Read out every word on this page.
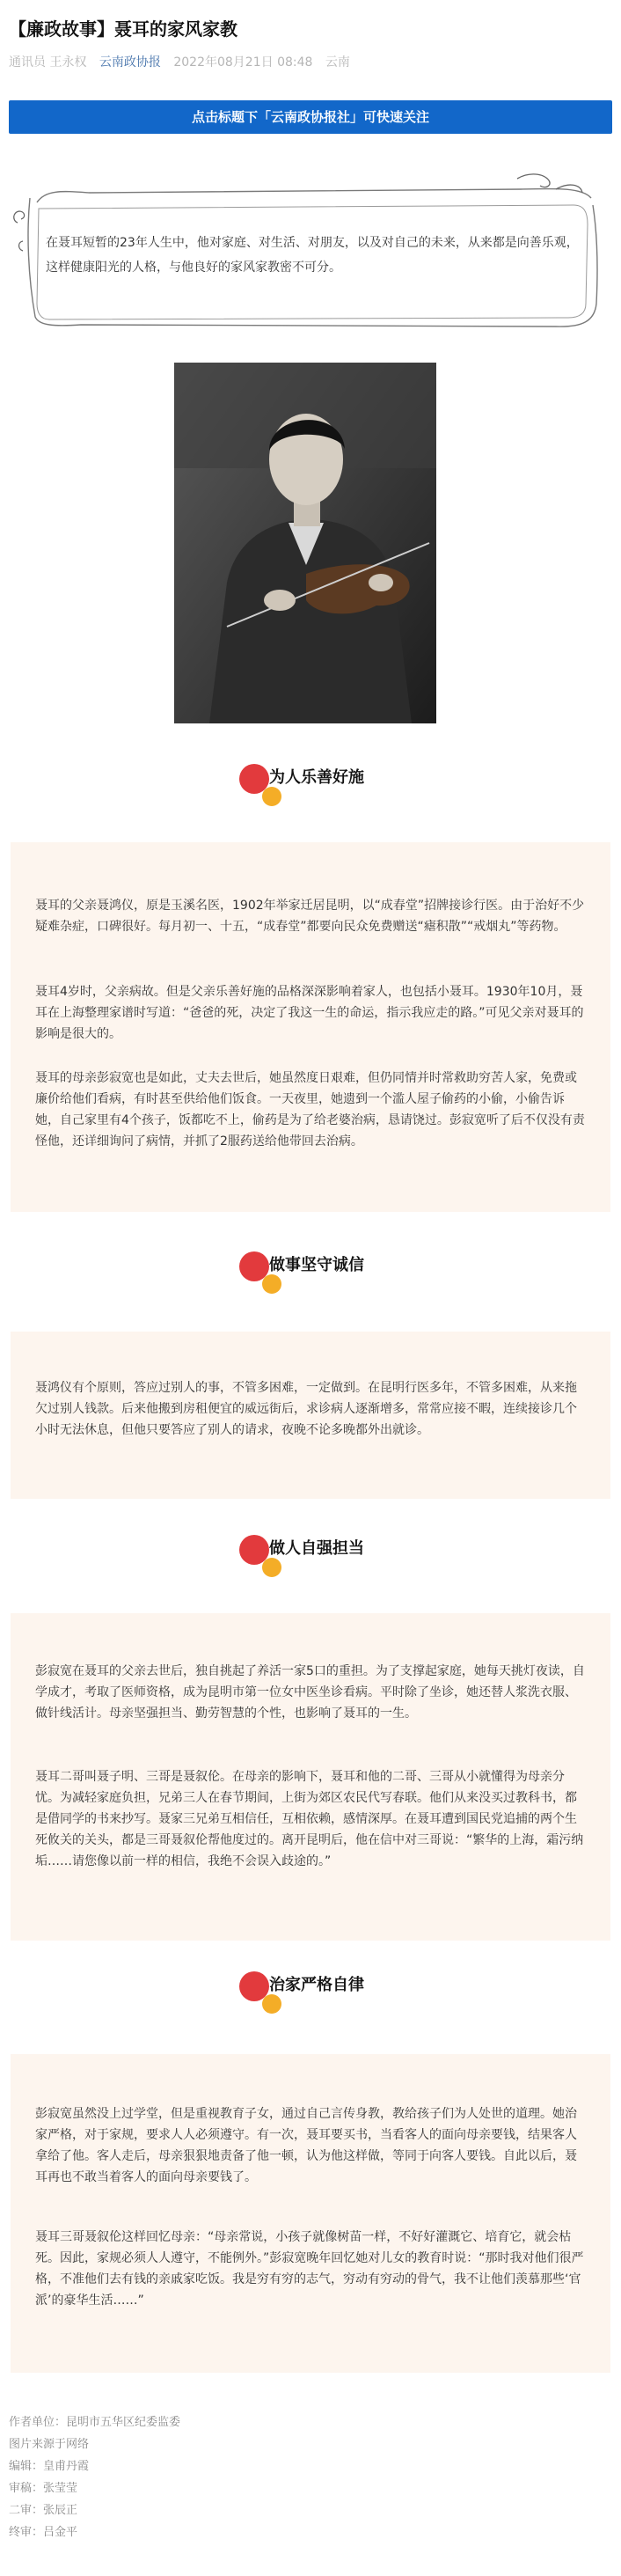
【廉政故事】聂耳的家风家教
通讯员 王永权 云南政协报 2022年08月21日 08:48 云南
点击标题下「云南政协报社」可快速关注

在聂耳短暂的23年人生中，他对家庭、对生活、对朋友，以及对自己的未来，从来都是向善乐观，这样健康阳光的人格，与他良好的家风家教密不可分。

为人乐善好施

聂耳的父亲聂鸿仪，原是玉溪名医，1902年举家迁居昆明，以“成春堂”招牌接诊行医。由于治好不少疑难杂症，口碑很好。每月初一、十五，“成春堂”都要向民众免费赠送“瘧积散”“戒烟丸”等药物。

聂耳4岁时，父亲病故。但是父亲乐善好施的品格深深影响着家人，也包括小聂耳。1930年10月，聂耳在上海整理家谱时写道：“爸爸的死，决定了我这一生的命运，指示我应走的路。”可见父亲对聂耳的影响是很大的。

聂耳的母亲彭寂宽也是如此，丈夫去世后，她虽然度日艰难，但仍同情并时常救助穷苦人家，免费或廉价给他们看病，有时甚至供给他们饭食。一天夜里，她遗到一个滥人屋子偷药的小偷，小偷告诉她，自己家里有4个孩子，饭都吃不上，偷药是为了给老婆治病，恳请饶过。彭寂宽听了后不仅没有责怪他，还详细询问了病情，并抓了2服药送给他带回去治病。

做事坚守诚信

聂鸿仪有个原则，答应过别人的事，不管多困难，一定做到。在昆明行医多年，不管多困难，从来拖欠过别人钱款。后来他搬到房租便宜的威远街后，求诊病人逐渐增多，常常应接不暇，连续接诊几个小时无法休息，但他只要答应了别人的请求，夜晚不论多晚都外出就诊。

做人自强担当

彭寂宽在聂耳的父亲去世后，独自挑起了养活一家5口的重担。为了支撑起家庭，她每天挑灯夜读，自学成才，考取了医师资格，成为昆明市第一位女中医坐诊看病。平时除了坐诊，她还替人浆洗衣服、做针线活计。母亲坚强担当、勤劳智慧的个性，也影响了聂耳的一生。

聂耳二哥叫聂子明、三哥是聂叙伦。在母亲的影响下，聂耳和他的二哥、三哥从小就懂得为母亲分忧。为减轻家庭负担，兄弟三人在春节期间，上街为郊区农民代写春联。他们从来没买过教科书，都是借同学的书来抄写。聂家三兄弟互相信任，互相依赖，感情深厚。在聂耳遭到国民党追捕的两个生死攸关的关头，都是三哥聂叙伦帮他度过的。离开昆明后，他在信中对三哥说：“繁华的上海，霜污纳垢……请您像以前一样的相信，我绝不会误入歧途的。”

治家严格自律

彭寂宽虽然没上过学堂，但是重视教育子女，通过自己言传身教，教给孩子们为人处世的道理。她治家严格，对于家规，要求人人必须遵守。有一次，聂耳要买书，当看客人的面向母亲要钱，结果客人拿给了他。客人走后，母亲狠狠地责备了他一顿，认为他这样做，等同于向客人要钱。自此以后，聂耳再也不敢当着客人的面向母亲要钱了。

聂耳三哥聂叙伦这样回忆母亲：“母亲常说，小孩子就像树苗一样，不好好灌溉它、培育它，就会枯死。因此，家规必须人人遵守，不能例外。”彭寂宽晚年回忆她对儿女的教育时说：“那时我对他们很严格，不准他们去有钱的亲戚家吃饭。我是穷有穷的志气，穷动有穷动的骨气，我不让他们羡慕那些‘官派’的豪华生活……”

作者单位：昆明市五华区纪委监委
图片来源于网络
编辑：皇甫丹霞
审稿：张莹莹
二审：张辰正
终审：吕金平
